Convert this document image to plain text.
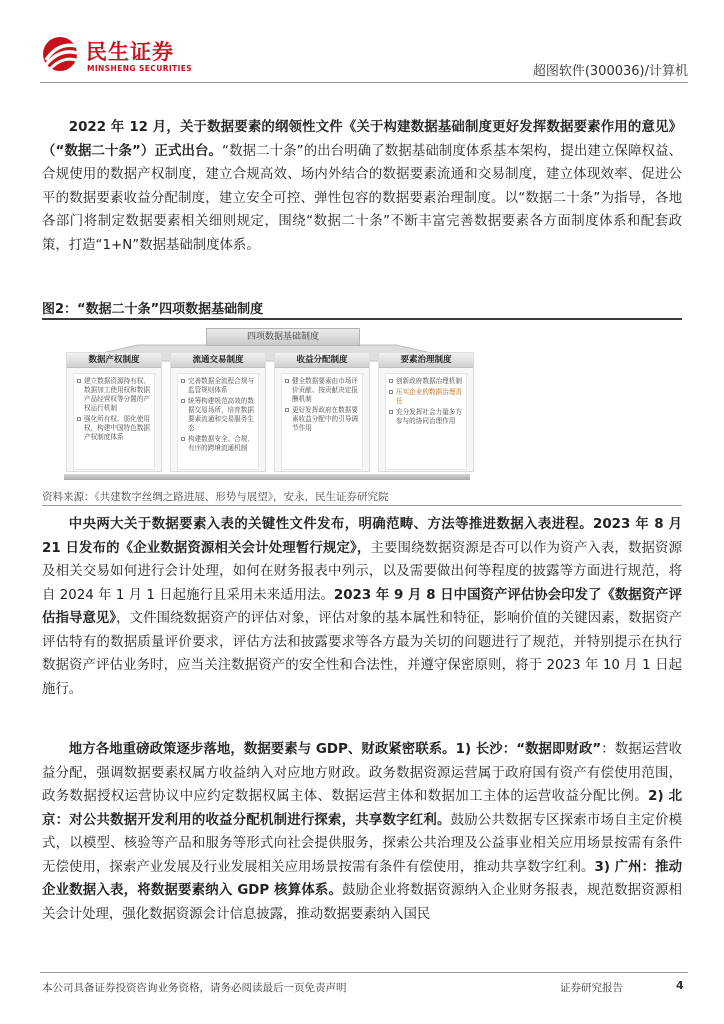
民生证券
MINSHENG SECURITIES	超图软件(300036)/计算机

2022 年 12 月，关于数据要素的纲领性文件《关于构建数据基础制度更好发挥数据要素作用的意见》（“数据二十条”）正式出台。“数据二十条”的出台明确了数据基础制度体系基本架构，提出建立保障权益、合规使用的数据产权制度，建立合规高效、场内外结合的数据要素流通和交易制度，建立体现效率、促进公平的数据要素收益分配制度，建立安全可控、弹性包容的数据要素治理制度。以“数据二十条”为指导，各地各部门将制定数据要素相关细则规定，围绕“数据二十条”不断丰富完善数据要素各方面制度体系和配套政策，打造“1+N”数据基础制度体系。

图2：“数据二十条”四项数据基础制度
四项数据基础制度
数据产权制度
建立数据资源持有权、数据加工使用权和数据产品经营权等分置的产权运行机制
强化所有权、弱化使用权，构建中国特色数据产权制度体系
流通交易制度
完善数据全流程合规与监管规则体系
统筹构建规范高效的数据交易场所，培育数据要素流通和交易服务生态
构建数据安全、合规、有序的跨境流通机制
收益分配制度
健全数据要素由市场评价贡献、按贡献决定报酬机制
更好发挥政府在数据要素收益分配中的引导调节作用
要素治理制度
创新政府数据治理机制
压实企业的数据治理责任
充分发挥社会力量多方参与的协同治理作用
资料来源：《共建数字丝绸之路进展、形势与展望》，安永，民生证券研究院

中央两大关于数据要素入表的关键性文件发布，明确范畴、方法等推进数据入表进程。2023 年 8 月 21 日发布的《企业数据资源相关会计处理暂行规定》，主要围绕数据资源是否可以作为资产入表，数据资源及相关交易如何进行会计处理，如何在财务报表中列示，以及需要做出何等程度的披露等方面进行规范，将自 2024 年 1 月 1 日起施行且采用未来适用法。2023 年 9 月 8 日中国资产评估协会印发了《数据资产评估指导意见》，文件围绕数据资产的评估对象，评估对象的基本属性和特征，影响价值的关键因素，数据资产评估特有的数据质量评价要求，评估方法和披露要求等各方最为关切的问题进行了规范，并特别提示在执行数据资产评估业务时，应当关注数据资产的安全性和合法性，并遵守保密原则，将于 2023 年 10 月 1 日起施行。

地方各地重磅政策逐步落地，数据要素与 GDP、财政紧密联系。1) 长沙：“数据即财政”：数据运营收益分配，强调数据要素权属方收益纳入对应地方财政。政务数据资源运营属于政府国有资产有偿使用范围，政务数据授权运营协议中应约定数据权属主体、数据运营主体和数据加工主体的运营收益分配比例。2) 北京：对公共数据开发利用的收益分配机制进行探索，共享数字红利。鼓励公共数据专区探索市场自主定价模式，以模型、核验等产品和服务等形式向社会提供服务，探索公共治理及公益事业相关应用场景按需有条件无偿使用，探索产业发展及行业发展相关应用场景按需有条件有偿使用，推动共享数字红利。3) 广州：推动企业数据入表，将数据要素纳入 GDP 核算体系。鼓励企业将数据资源纳入企业财务报表，规范数据资源相关会计处理，强化数据资源会计信息披露，推动数据要素纳入国民

本公司具备证券投资咨询业务资格，请务必阅读最后一页免责声明	证券研究报告	4
